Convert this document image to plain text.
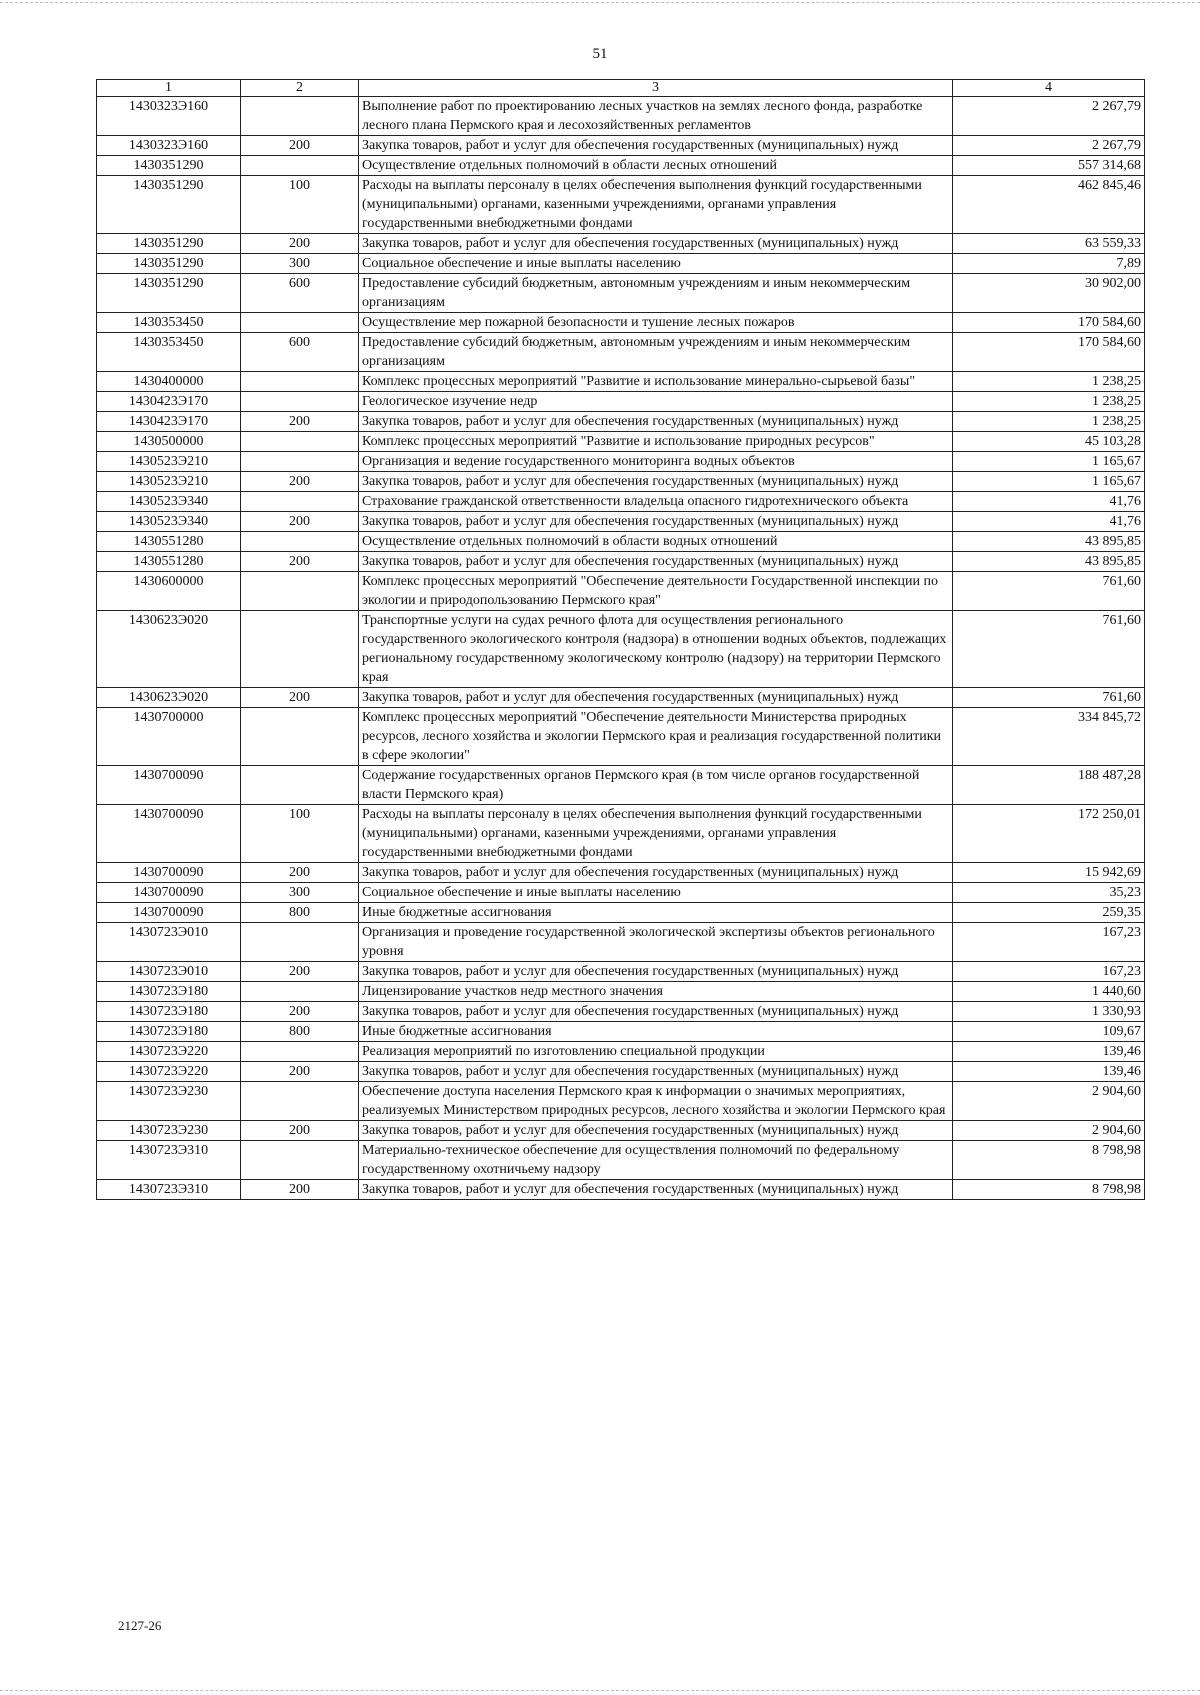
51
1	2	3	4
1430323Э160		Выполнение работ по проектированию лесных участков на землях лесного фонда, разработке лесного плана Пермского края и лесохозяйственных регламентов	2 267,79
1430323Э160	200	Закупка товаров, работ и услуг для обеспечения государственных (муниципальных) нужд	2 267,79
1430351290		Осуществление отдельных полномочий в области лесных отношений	557 314,68
1430351290	100	Расходы на выплаты персоналу в целях обеспечения выполнения функций государственными (муниципальными) органами, казенными учреждениями, органами управления государственными внебюджетными фондами	462 845,46
1430351290	200	Закупка товаров, работ и услуг для обеспечения государственных (муниципальных) нужд	63 559,33
1430351290	300	Социальное обеспечение и иные выплаты населению	7,89
1430351290	600	Предоставление субсидий бюджетным, автономным учреждениям и иным некоммерческим организациям	30 902,00
1430353450		Осуществление мер пожарной безопасности и тушение лесных пожаров	170 584,60
1430353450	600	Предоставление субсидий бюджетным, автономным учреждениям и иным некоммерческим организациям	170 584,60
1430400000		Комплекс процессных мероприятий "Развитие и использование минерально-сырьевой базы"	1 238,25
1430423Э170		Геологическое изучение недр	1 238,25
1430423Э170	200	Закупка товаров, работ и услуг для обеспечения государственных (муниципальных) нужд	1 238,25
1430500000		Комплекс процессных мероприятий "Развитие и использование природных ресурсов"	45 103,28
1430523Э210		Организация и ведение государственного мониторинга водных объектов	1 165,67
1430523Э210	200	Закупка товаров, работ и услуг для обеспечения государственных (муниципальных) нужд	1 165,67
1430523Э340		Страхование гражданской ответственности владельца опасного гидротехнического объекта	41,76
1430523Э340	200	Закупка товаров, работ и услуг для обеспечения государственных (муниципальных) нужд	41,76
1430551280		Осуществление отдельных полномочий в области водных отношений	43 895,85
1430551280	200	Закупка товаров, работ и услуг для обеспечения государственных (муниципальных) нужд	43 895,85
1430600000		Комплекс процессных мероприятий "Обеспечение деятельности Государственной инспекции по экологии и природопользованию Пермского края"	761,60
1430623Э020		Транспортные услуги на судах речного флота для осуществления регионального государственного экологического контроля (надзора) в отношении водных объектов, подлежащих региональному государственному экологическому контролю (надзору) на территории Пермского края	761,60
1430623Э020	200	Закупка товаров, работ и услуг для обеспечения государственных (муниципальных) нужд	761,60
1430700000		Комплекс процессных мероприятий "Обеспечение деятельности Министерства природных ресурсов, лесного хозяйства и экологии Пермского края и реализация государственной политики в сфере экологии"	334 845,72
1430700090		Содержание государственных органов Пермского края (в том числе органов государственной власти Пермского края)	188 487,28
1430700090	100	Расходы на выплаты персоналу в целях обеспечения выполнения функций государственными (муниципальными) органами, казенными учреждениями, органами управления государственными внебюджетными фондами	172 250,01
1430700090	200	Закупка товаров, работ и услуг для обеспечения государственных (муниципальных) нужд	15 942,69
1430700090	300	Социальное обеспечение и иные выплаты населению	35,23
1430700090	800	Иные бюджетные ассигнования	259,35
1430723Э010		Организация и проведение государственной экологической экспертизы объектов регионального уровня	167,23
1430723Э010	200	Закупка товаров, работ и услуг для обеспечения государственных (муниципальных) нужд	167,23
1430723Э180		Лицензирование участков недр местного значения	1 440,60
1430723Э180	200	Закупка товаров, работ и услуг для обеспечения государственных (муниципальных) нужд	1 330,93
1430723Э180	800	Иные бюджетные ассигнования	109,67
1430723Э220		Реализация мероприятий по изготовлению специальной продукции	139,46
1430723Э220	200	Закупка товаров, работ и услуг для обеспечения государственных (муниципальных) нужд	139,46
1430723Э230		Обеспечение доступа населения Пермского края к информации о значимых мероприятиях, реализуемых Министерством природных ресурсов, лесного хозяйства и экологии Пермского края	2 904,60
1430723Э230	200	Закупка товаров, работ и услуг для обеспечения государственных (муниципальных) нужд	2 904,60
1430723Э310		Материально-техническое обеспечение для осуществления полномочий по федеральному государственному охотничьему надзору	8 798,98
1430723Э310	200	Закупка товаров, работ и услуг для обеспечения государственных (муниципальных) нужд	8 798,98
2127-26
